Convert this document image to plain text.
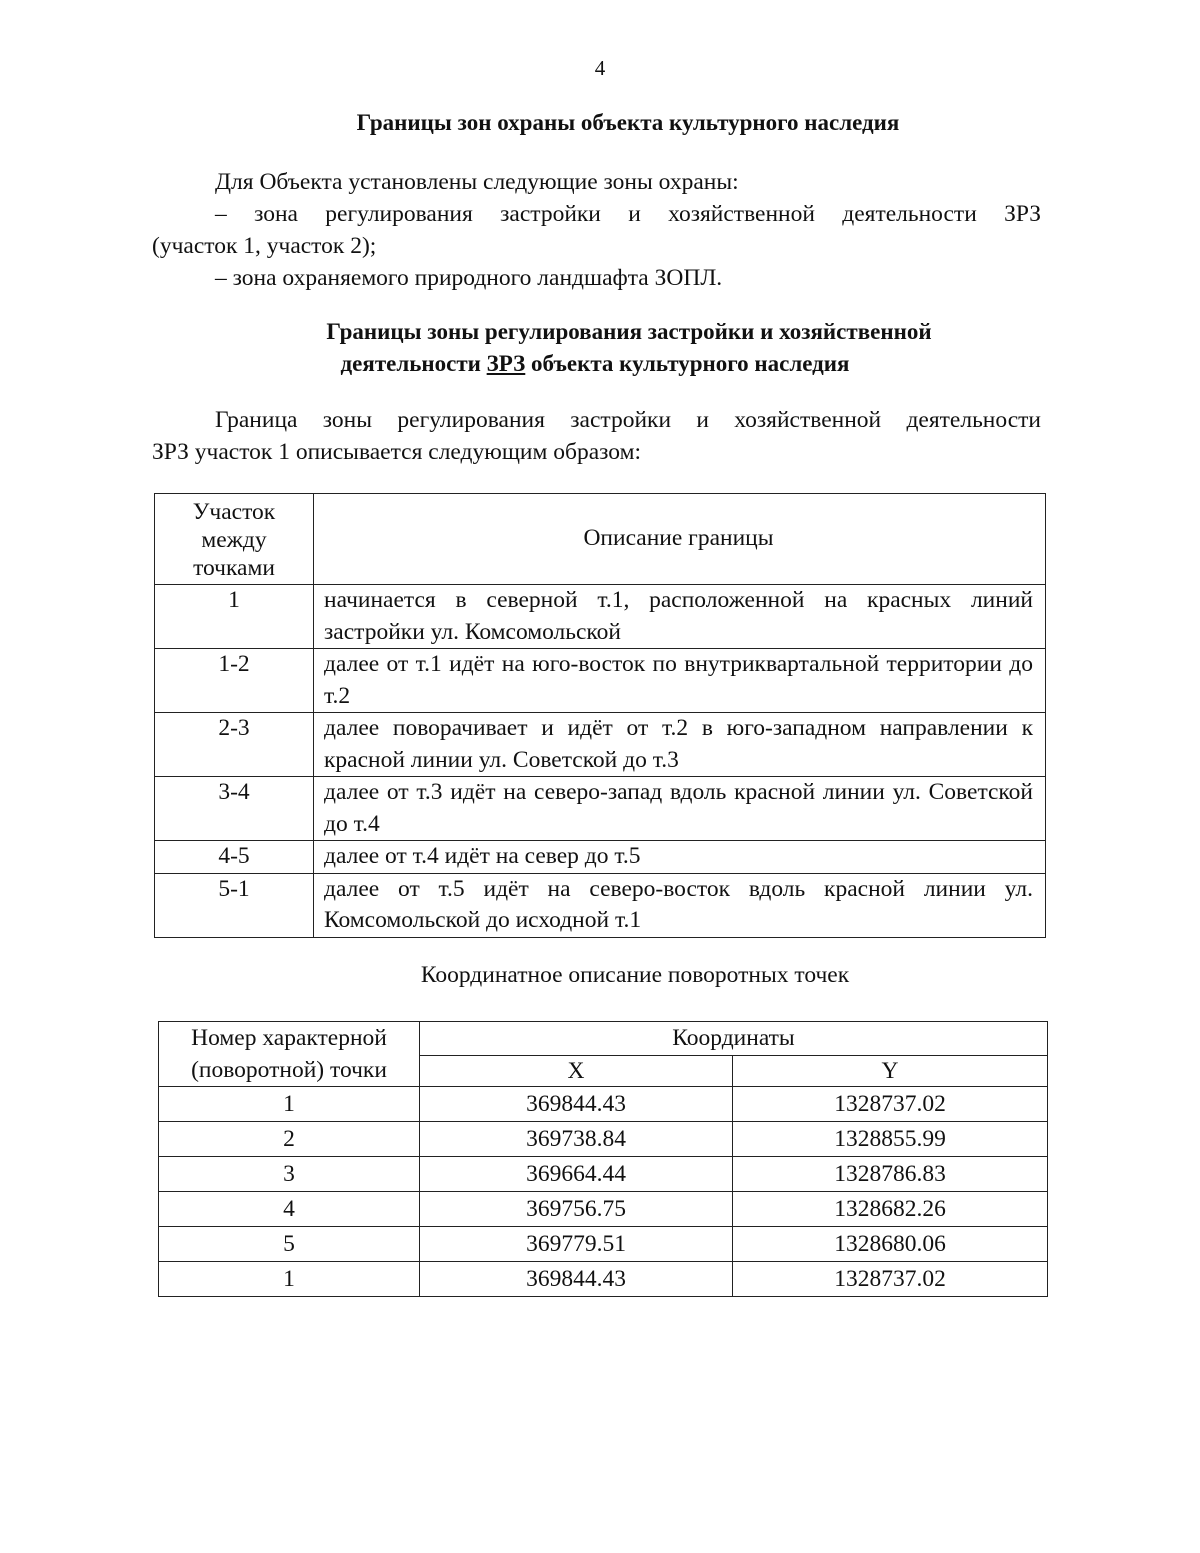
4
Границы зон охраны объекта культурного наследия
Для Объекта установлены следующие зоны охраны:
– зона регулирования застройки и хозяйственной деятельности ЗРЗ
(участок 1, участок 2);
– зона охраняемого природного ландшафта ЗОПЛ.
Границы зоны регулирования застройки и хозяйственной
деятельности ЗРЗ объекта культурного наследия
Граница зоны регулирования застройки и хозяйственной деятельности
ЗРЗ участок 1 описывается следующим образом:
Участок
между
точками	Описание границы
1	начинается в северной т.1, расположенной на красных линий застройки ул. Комсомольской
1-2	далее от т.1 идёт на юго-восток по внутриквартальной территории до т.2
2-3	далее поворачивает и идёт от т.2 в юго-западном направлении к красной линии ул. Советской до т.3
3-4	далее от т.3 идёт на северо-запад вдоль красной линии ул. Советской до т.4
4-5	далее от т.4 идёт на север до т.5
5-1	далее от т.5 идёт на северо-восток вдоль красной линии ул. Комсомольской до исходной т.1
Координатное описание поворотных точек
Номер характерной
(поворотной) точки	Координаты	
	X	Y
1	369844.43	1328737.02
2	369738.84	1328855.99
3	369664.44	1328786.83
4	369756.75	1328682.26
5	369779.51	1328680.06
1	369844.43	1328737.02
